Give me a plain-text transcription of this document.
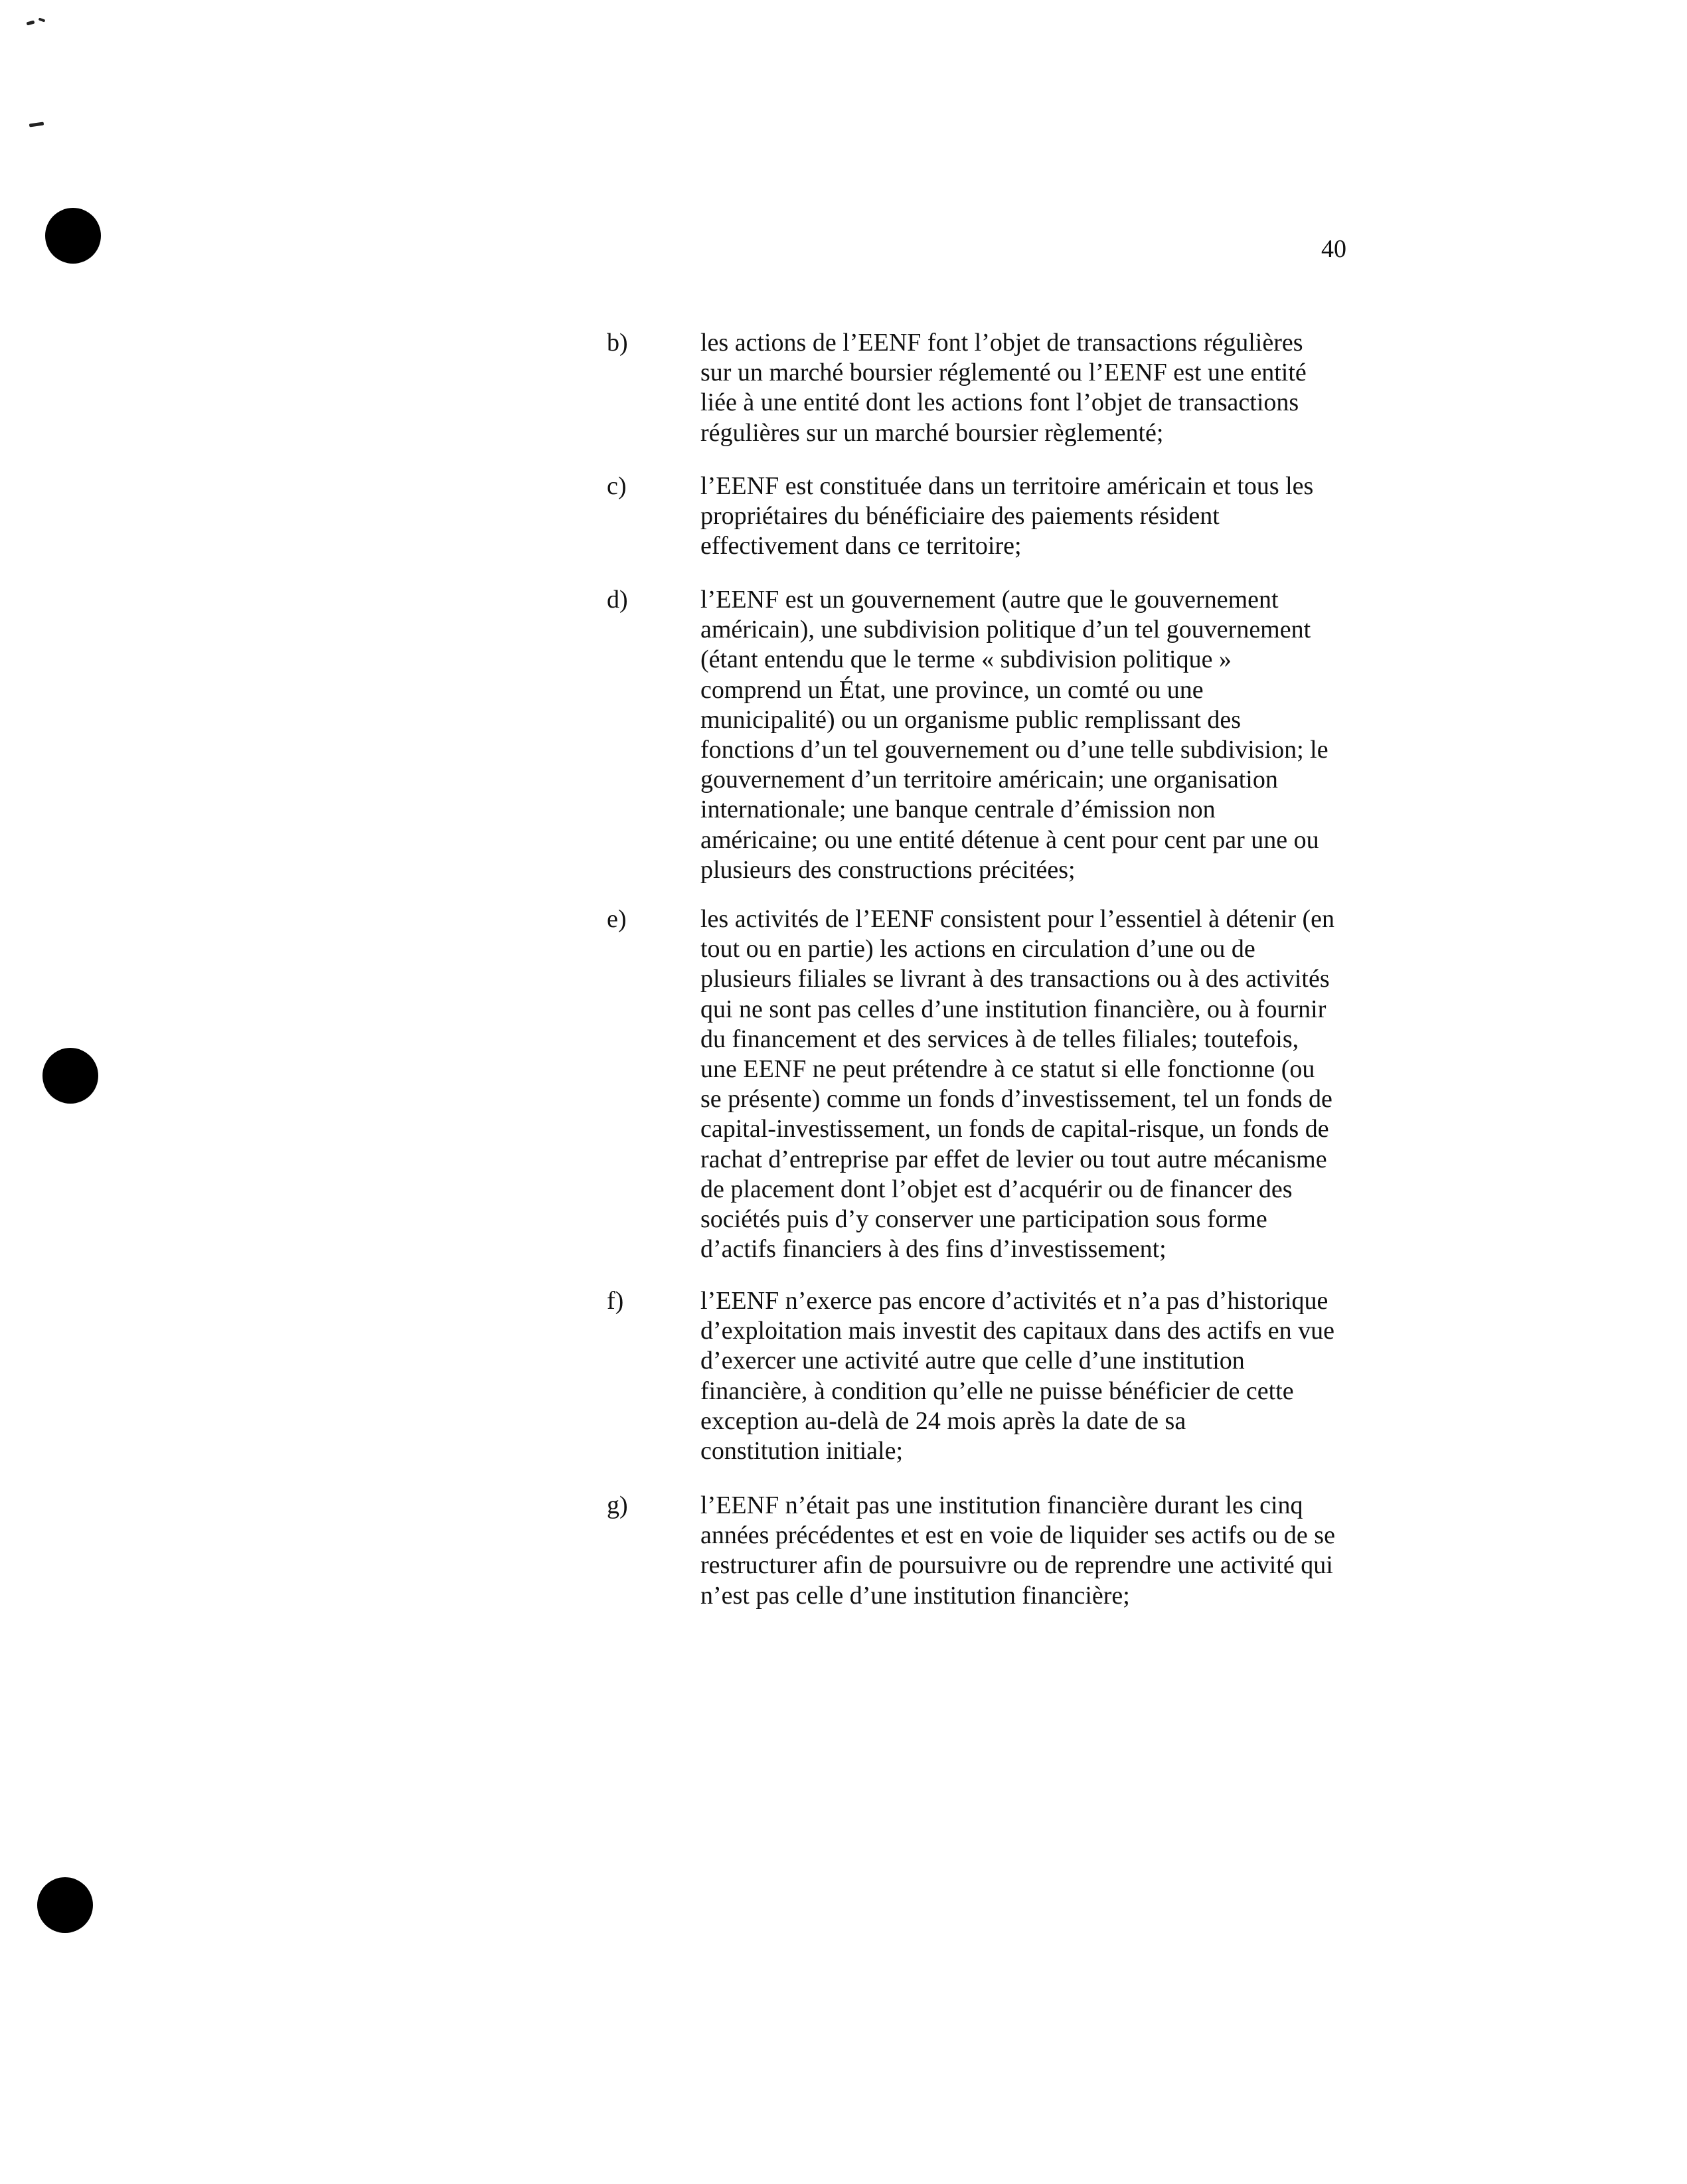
40
b)	les actions de l’EENF font l’objet de transactions régulières
sur un marché boursier réglementé ou l’EENF est une entité
liée à une entité dont les actions font l’objet de transactions
régulières sur un marché boursier règlementé;

c)	l’EENF est constituée dans un territoire américain et tous les
propriétaires du bénéficiaire des paiements résident
effectivement dans ce territoire;

d)	l’EENF est un gouvernement (autre que le gouvernement
américain), une subdivision politique d’un tel gouvernement
(étant entendu que le terme « subdivision politique »
comprend un État, une province, un comté ou une
municipalité) ou un organisme public remplissant des
fonctions d’un tel gouvernement ou d’une telle subdivision; le
gouvernement d’un territoire américain; une organisation
internationale; une banque centrale d’émission non
américaine; ou une entité détenue à cent pour cent par une ou
plusieurs des constructions précitées;

e)	les activités de l’EENF consistent pour l’essentiel à détenir (en
tout ou en partie) les actions en circulation d’une ou de
plusieurs filiales se livrant à des transactions ou à des activités
qui ne sont pas celles d’une institution financière, ou à fournir
du financement et des services à de telles filiales; toutefois,
une EENF ne peut prétendre à ce statut si elle fonctionne (ou
se présente) comme un fonds d’investissement, tel un fonds de
capital-investissement, un fonds de capital-risque, un fonds de
rachat d’entreprise par effet de levier ou tout autre mécanisme
de placement dont l’objet est d’acquérir ou de financer des
sociétés puis d’y conserver une participation sous forme
d’actifs financiers à des fins d’investissement;

f)	l’EENF n’exerce pas encore d’activités et n’a pas d’historique
d’exploitation mais investit des capitaux dans des actifs en vue
d’exercer une activité autre que celle d’une institution
financière, à condition qu’elle ne puisse bénéficier de cette
exception au-delà de 24 mois après la date de sa
constitution initiale;

g)	l’EENF n’était pas une institution financière durant les cinq
années précédentes et est en voie de liquider ses actifs ou de se
restructurer afin de poursuivre ou de reprendre une activité qui
n’est pas celle d’une institution financière;
